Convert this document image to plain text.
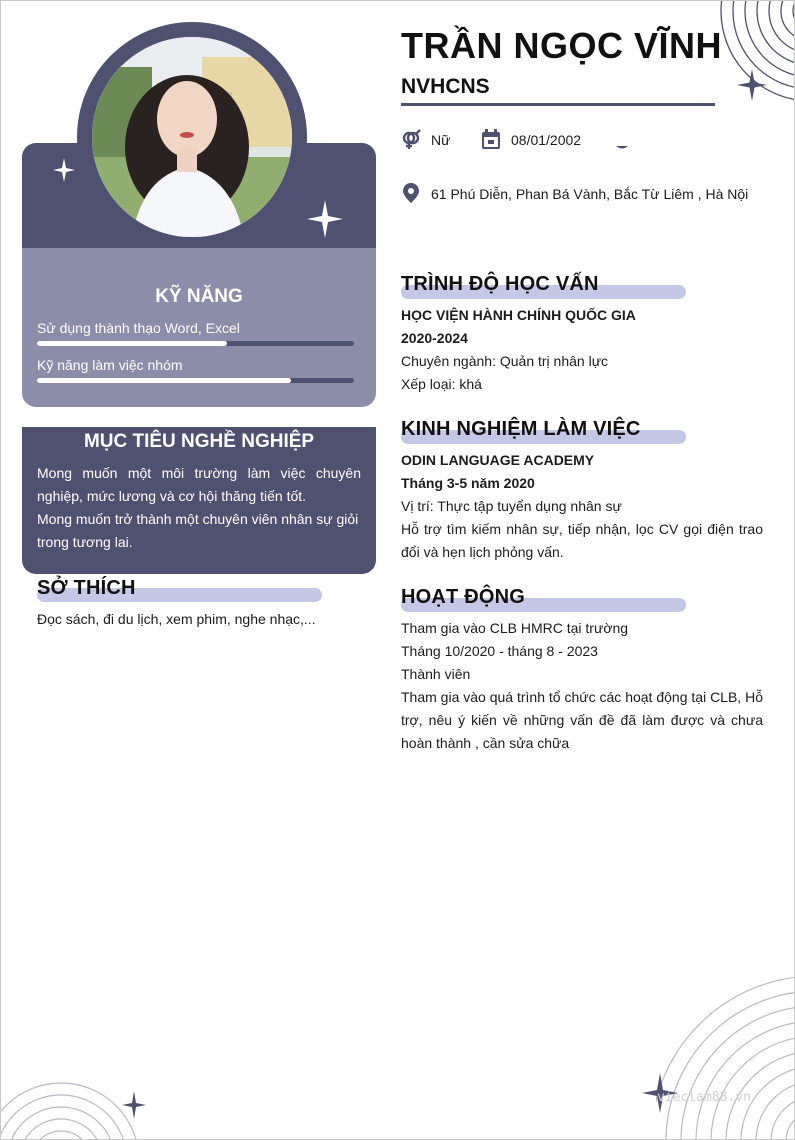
KỸ NĂNG
Sử dụng thành thạo Word, Excel
Kỹ năng làm việc nhóm
MỤC TIÊU NGHỀ NGHIỆP
Mong muốn một môi trường làm việc chuyên nghiệp, mức lương và cơ hội thăng tiến tốt.
Mong muốn trở thành một chuyên viên nhân sự giỏi trong tương lai.
SỞ THÍCH
Đọc sách, đi du lịch, xem phim, nghe nhạc,...
TRẦN NGỌC VĨNH
NVHCNS
Nữ	08/01/2002
61 Phú Diễn, Phan Bá Vành, Bắc Từ Liêm , Hà Nội
TRÌNH ĐỘ HỌC VẤN
HỌC VIỆN HÀNH CHÍNH QUỐC GIA
2020-2024
Chuyên ngành: Quản trị nhân lực
Xếp loại: khá
KINH NGHIỆM LÀM VIỆC
ODIN LANGUAGE ACADEMY
Tháng 3-5 năm 2020
Vị trí: Thực tập tuyển dụng nhân sự
Hỗ trợ tìm kiếm nhân sự, tiếp nhận, lọc CV gọi điện trao đổi và hẹn lịch phỏng vấn.
HOẠT ĐỘNG
Tham gia vào CLB HMRC tại trường
Tháng 10/2020 - tháng 8 - 2023
Thành viên
Tham gia vào quá trình tổ chức các hoạt động tại CLB, Hỗ trợ, nêu ý kiến về những vấn đề đã làm được và chưa hoàn thành , cần sửa chữa
vieclam88.vn
